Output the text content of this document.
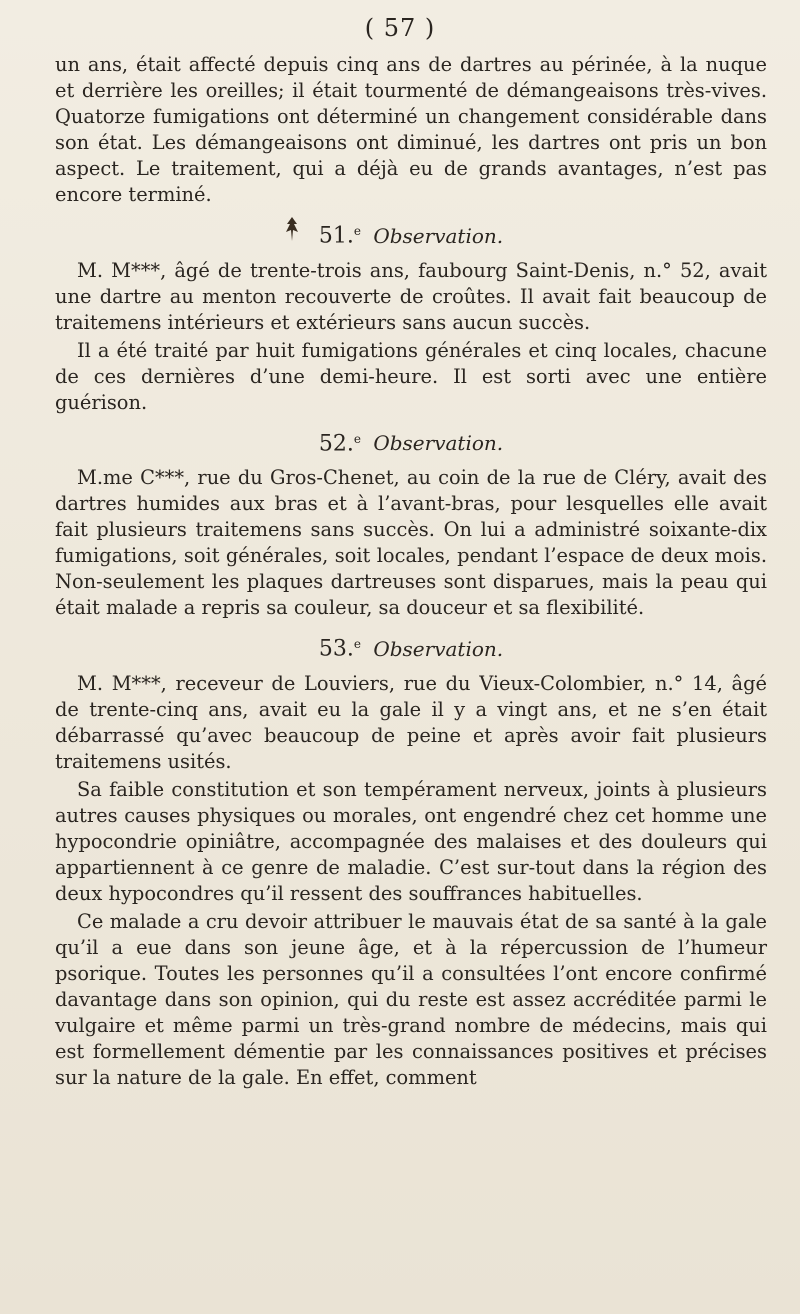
( 57 )

un ans, était affecté depuis cinq ans de dartres au périnée, à la nuque et derrière les oreilles; il était tourmenté de démangeaisons très-vives. Quatorze fumigations ont déterminé un changement considérable dans son état. Les démangeaisons ont diminué, les dartres ont pris un bon aspect. Le traitement, qui a déjà eu de grands avantages, n’est pas encore terminé.

51.$^e$ Observation.

M. M***, âgé de trente-trois ans, faubourg Saint-Denis, n.° 52, avait une dartre au menton recouverte de croûtes. Il avait fait beaucoup de traitemens intérieurs et extérieurs sans aucun succès.

Il a été traité par huit fumigations générales et cinq locales, chacune de ces dernières d’une demi-heure. Il est sorti avec une entière guérison.

52.$^e$ Observation.

M.me C***, rue du Gros-Chenet, au coin de la rue de Cléry, avait des dartres humides aux bras et à l’avant-bras, pour lesquelles elle avait fait plusieurs traitemens sans succès. On lui a administré soixante-dix fumigations, soit générales, soit locales, pendant l’espace de deux mois. Non-seulement les plaques dartreuses sont disparues, mais la peau qui était malade a repris sa couleur, sa douceur et sa flexibilité.

53.$^e$ Observation.

M. M***, receveur de Louviers, rue du Vieux-Colombier, n.° 14, âgé de trente-cinq ans, avait eu la gale il y a vingt ans, et ne s’en était débarrassé qu’avec beaucoup de peine et après avoir fait plusieurs traitemens usités.

Sa faible constitution et son tempérament nerveux, joints à plusieurs autres causes physiques ou morales, ont engendré chez cet homme une hypocondrie opiniâtre, accompagnée des malaises et des douleurs qui appartiennent à ce genre de maladie. C’est sur-tout dans la région des deux hypocondres qu’il ressent des souffrances habituelles.

Ce malade a cru devoir attribuer le mauvais état de sa santé à la gale qu’il a eue dans son jeune âge, et à la répercussion de l’humeur psorique. Toutes les personnes qu’il a consultées l’ont encore confirmé davantage dans son opinion, qui du reste est assez accréditée parmi le vulgaire et même parmi un très-grand nombre de médecins, mais qui est formellement démentie par les connaissances positives et précises sur la nature de la gale. En effet, comment
